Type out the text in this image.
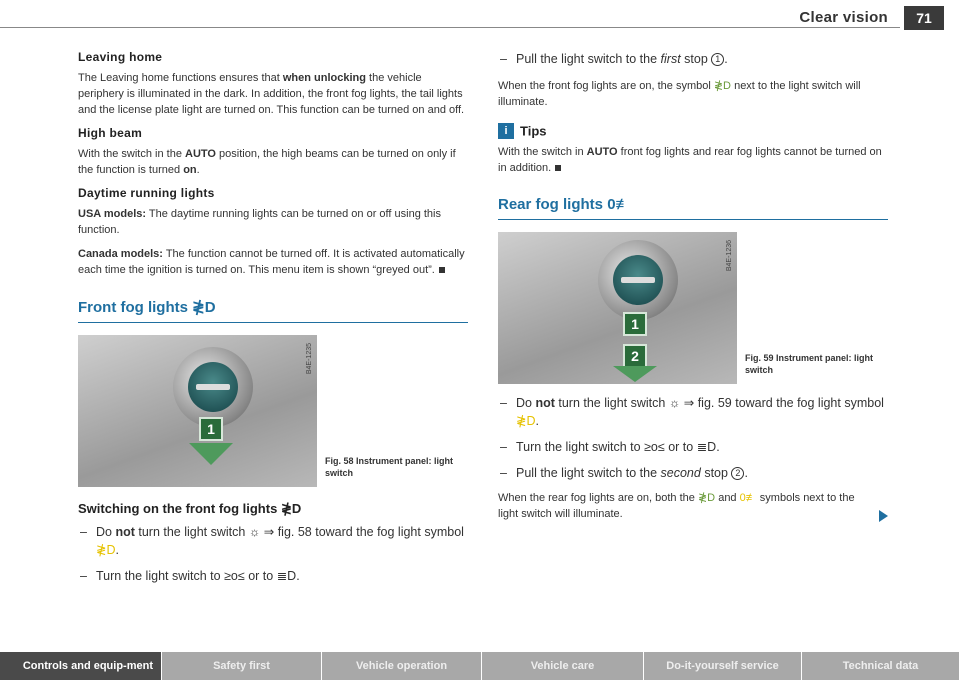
Clear vision	71
Leaving home

The Leaving home functions ensures that when unlocking the vehicle periphery is illuminated in the dark. In addition, the front fog lights, the tail lights and the license plate light are turned on. This function can be turned on and off.

High beam

With the switch in the AUTO position, the high beams can be turned on only if the function is turned on.

Daytime running lights

USA models: The daytime running lights can be turned on or off using this function.

Canada models: The function cannot be turned off. It is activated automatically each time the ignition is turned on. This menu item is shown “greyed out”.

Front fog lights ≹D
B4E-1235
1
Fig. 58 Instrument panel: light switch
Switching on the front fog lights ≹D
– Do not turn the light switch ☼ ⇒ fig. 58 toward the fog light symbol ≹D.
– Turn the light switch to ≥o≤ or to ≣D.
– Pull the light switch to the first stop 1 .

When the front fog lights are on, the symbol ≹D next to the light switch will illuminate.

i Tips

With the switch in AUTO front fog lights and rear fog lights cannot be turned on in addition.

Rear fog lights 0≢
B4E-1236
1
2	Fig. 59 Instrument panel: light switch
– Do not turn the light switch ☼ ⇒ fig. 59 toward the fog light symbol ≹D.
– Turn the light switch to ≥o≤ or to ≣D.
– Pull the light switch to the second stop 2 .

When the rear fog lights are on, both the ≹D and 0≢ symbols next to the light switch will illuminate.

Controls and equip-ment	Safety first	Vehicle operation	Vehicle care	Do-it-yourself service	Technical data
